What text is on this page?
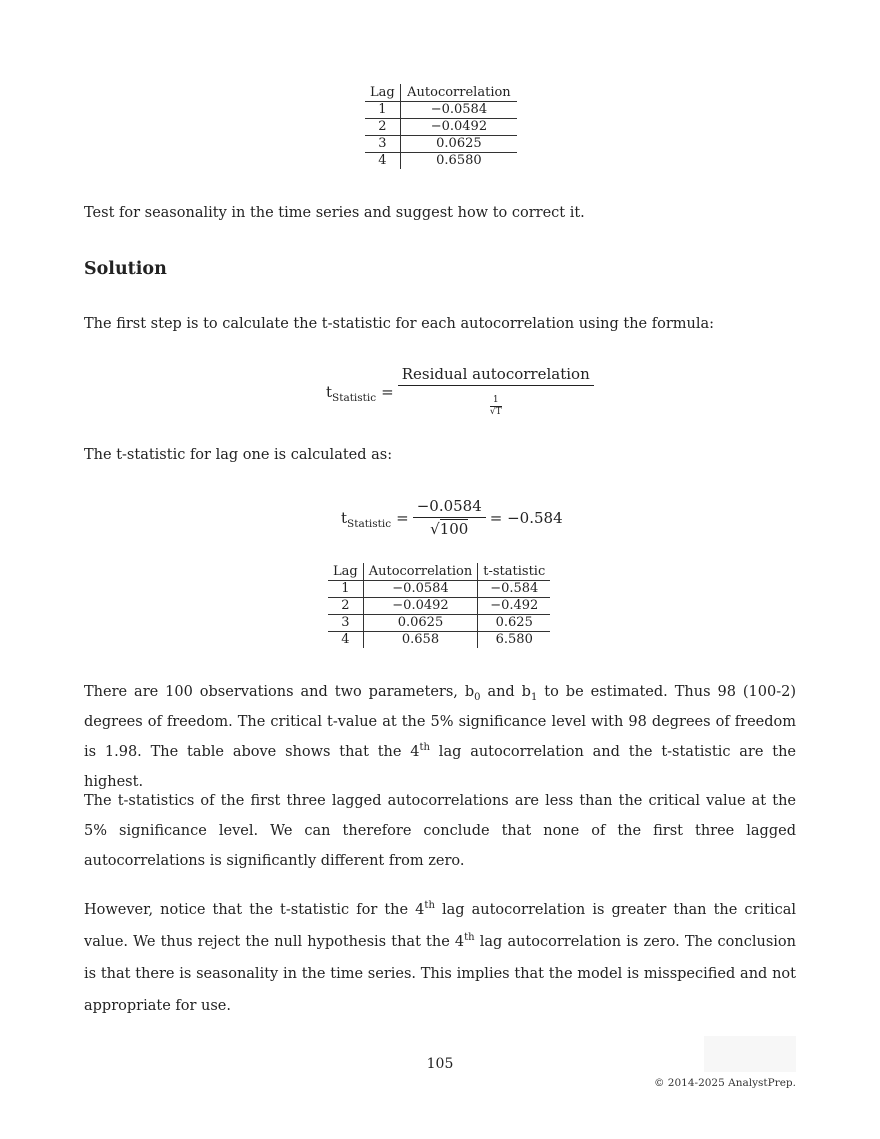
Lag	Autocorrelation
1	−0.0584
2	−0.0492
3	0.0625
4	0.6580

Test for seasonality in the time series and suggest how to correct it.

Solution

The first step is to calculate the t-statistic for each autocorrelation using the formula:

$t_{Statistic} = \frac{\text{Residual autocorrelation}}{\frac{1}{√T}}$

The t-statistic for lag one is calculated as:

$t_{Statistic} = \frac{-0.0584}{√100} = -0.584$
Lag	Autocorrelation	t-statistic
1	−0.0584	−0.584
2	−0.0492	−0.492
3	0.0625	0.625
4	0.658	6.580

There are 100 observations and two parameters, $b_0$ and $b_1$ to be estimated. Thus 98 (100-2) degrees of freedom. The critical t-value at the 5% significance level with 98 degrees of freedom is 1.98. The table above shows that the 4th lag autocorrelation and the t-statistic are the highest.

The t-statistics of the first three lagged autocorrelations are less than the critical value at the 5% significance level. We can therefore conclude that none of the first three lagged autocorrelations is significantly different from zero.

However, notice that the t-statistic for the 4th lag autocorrelation is greater than the critical value. We thus reject the null hypothesis that the 4th lag autocorrelation is zero. The conclusion is that there is seasonality in the time series. This implies that the model is misspecified and not appropriate for use.

105
© 2014-2025 AnalystPrep.
